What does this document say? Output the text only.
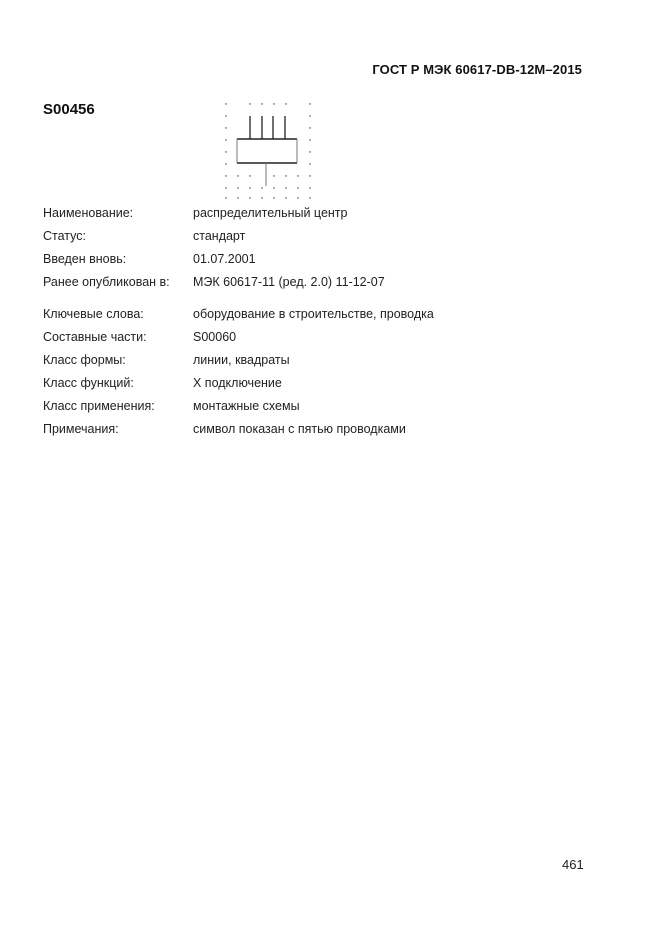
ГОСТ Р МЭК 60617-DB-12M–2015
S00456
Наименование:	распределительный центр
Статус:	стандарт
Введен вновь:	01.07.2001
Ранее опубликован в: МЭК 60617-11 (ред. 2.0) 11-12-07
Ключевые слова:	оборудование в строительстве, проводка
Составные части:	S00060
Класс формы:	линии, квадраты
Класс функций:	X подключение
Класс применения:	монтажные схемы
Примечания:	символ показан с пятью проводками
461
